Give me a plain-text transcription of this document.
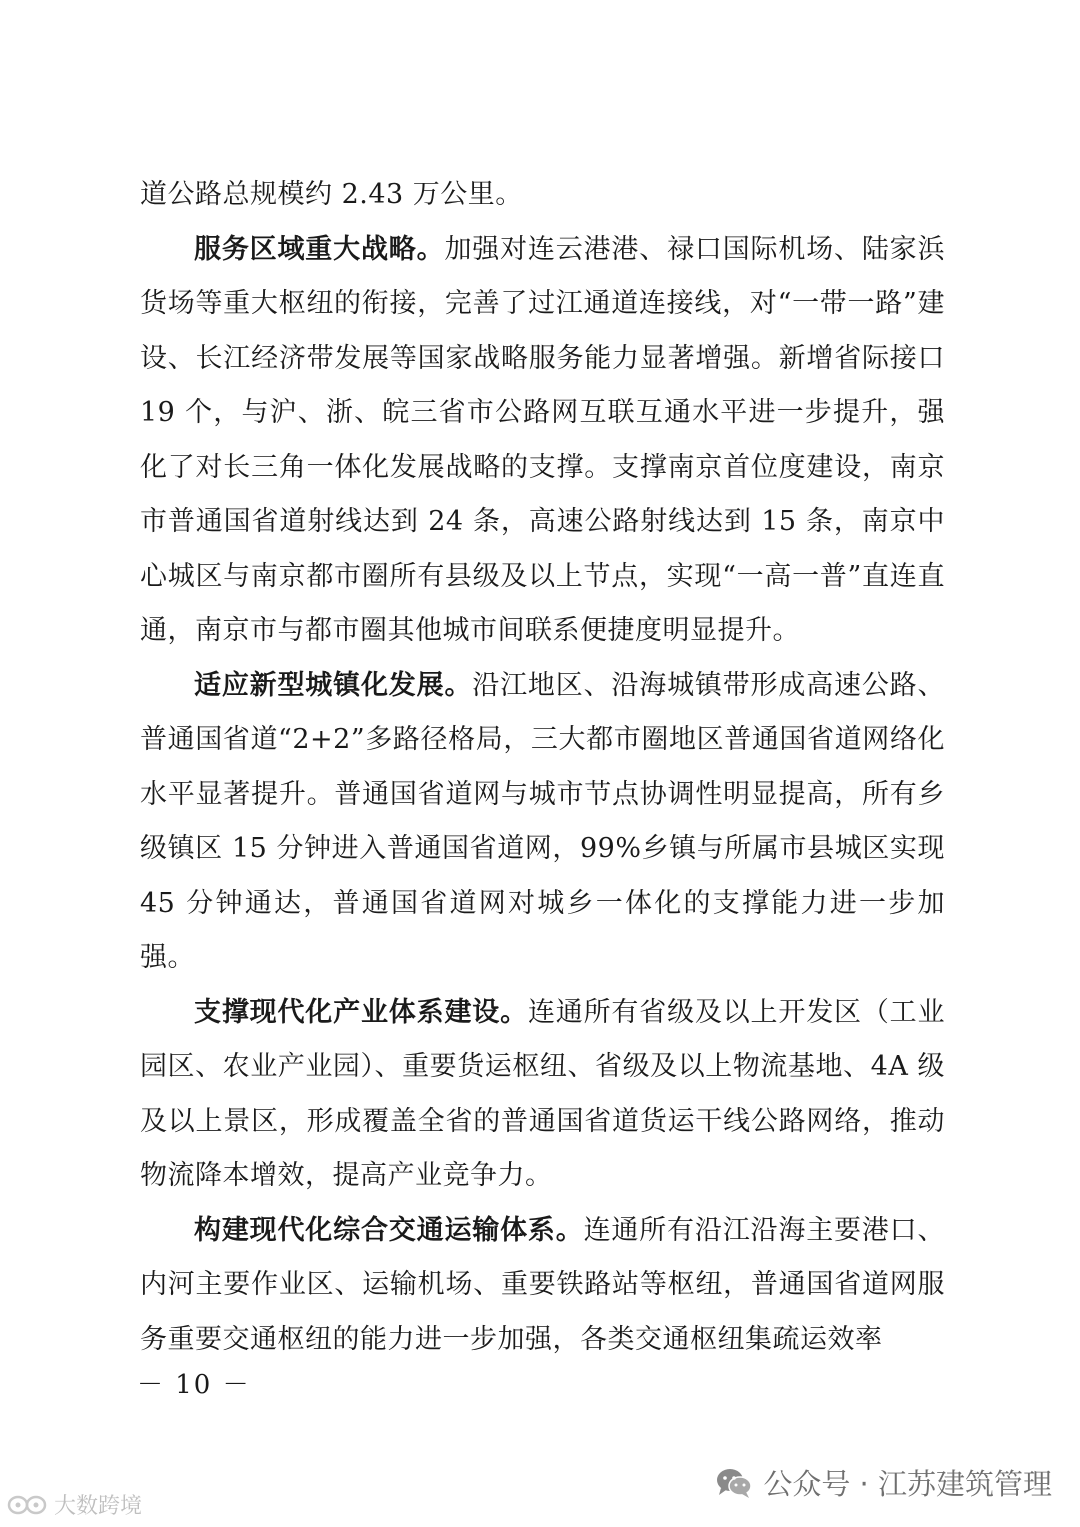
道公路总规模约 2.43 万公里。

服务区域重大战略。加强对连云港港、禄口国际机场、陆家浜货场等重大枢纽的衔接，完善了过江通道连接线，对“一带一路”建设、长江经济带发展等国家战略服务能力显著增强。新增省际接口 19 个，与沪、浙、皖三省市公路网互联互通水平进一步提升，强化了对长三角一体化发展战略的支撑。支撑南京首位度建设，南京市普通国省道射线达到 24 条，高速公路射线达到 15 条，南京中心城区与南京都市圈所有县级及以上节点，实现“一高一普”直连直通，南京市与都市圈其他城市间联系便捷度明显提升。

适应新型城镇化发展。沿江地区、沿海城镇带形成高速公路、普通国省道“2+2”多路径格局，三大都市圈地区普通国省道网络化水平显著提升。普通国省道网与城市节点协调性明显提高，所有乡级镇区 15 分钟进入普通国省道网，99%乡镇与所属市县城区实现 45 分钟通达，普通国省道网对城乡一体化的支撑能力进一步加强。

支撑现代化产业体系建设。连通所有省级及以上开发区（工业园区、农业产业园）、重要货运枢纽、省级及以上物流基地、4A 级及以上景区，形成覆盖全省的普通国省道货运干线公路网络，推动物流降本增效，提高产业竞争力。

构建现代化综合交通运输体系。连通所有沿江沿海主要港口、内河主要作业区、运输机场、重要铁路站等枢纽，普通国省道网服务重要交通枢纽的能力进一步加强，各类交通枢纽集疏运效率

－ 10 －
大数跨境
公众号 · 江苏建筑管理
